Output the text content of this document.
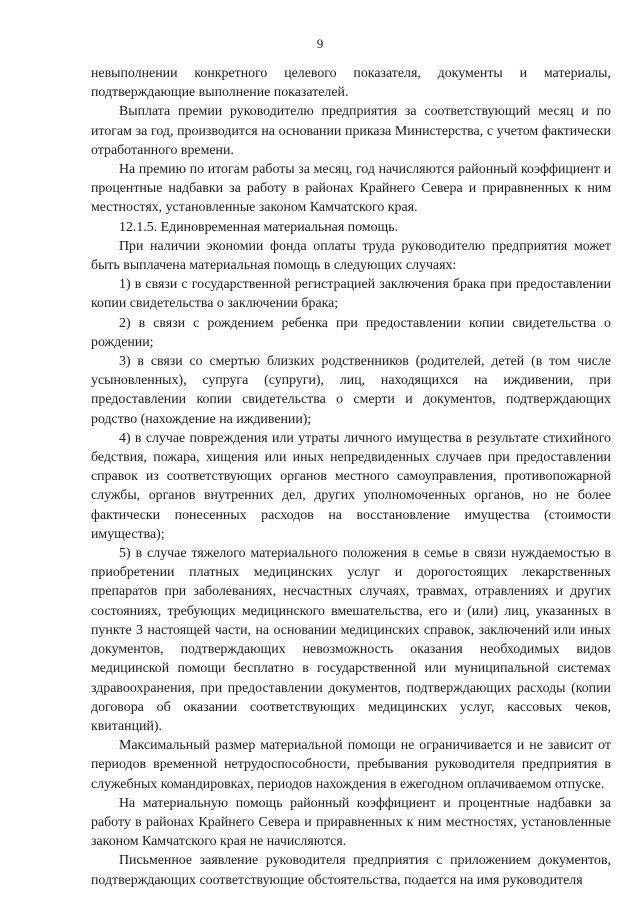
9

невыполнении конкретного целевого показателя, документы и материалы, подтверждающие выполнение показателей.

Выплата премии руководителю предприятия за соответствующий месяц и по итогам за год, производится на основании приказа Министерства, с учетом фактически отработанного времени.

На премию по итогам работы за месяц, год начисляются районный коэффициент и процентные надбавки за работу в районах Крайнего Севера и приравненных к ним местностях, установленные законом Камчатского края.

12.1.5. Единовременная материальная помощь.

При наличии экономии фонда оплаты труда руководителю предприятия может быть выплачена материальная помощь в следующих случаях:

1) в связи с государственной регистрацией заключения брака при предоставлении копии свидетельства о заключении брака;

2) в связи с рождением ребенка при предоставлении копии свидетельства о рождении;

3) в связи со смертью близких родственников (родителей, детей (в том числе усыновленных), супруга (супруги), лиц, находящихся на иждивении, при предоставлении копии свидетельства о смерти и документов, подтверждающих родство (нахождение на иждивении);

4) в случае повреждения или утраты личного имущества в результате стихийного бедствия, пожара, хищения или иных непредвиденных случаев при предоставлении справок из соответствующих органов местного самоуправления, противопожарной службы, органов внутренних дел, других уполномоченных органов, но не более фактически понесенных расходов на восстановление имущества (стоимости имущества);

5) в случае тяжелого материального положения в семье в связи нуждаемостью в приобретении платных медицинских услуг и дорогостоящих лекарственных препаратов при заболеваниях, несчастных случаях, травмах, отравлениях и других состояниях, требующих медицинского вмешательства, его и (или) лиц, указанных в пункте 3 настоящей части, на основании медицинских справок, заключений или иных документов, подтверждающих невозможность оказания необходимых видов медицинской помощи бесплатно в государственной или муниципальной системах здравоохранения, при предоставлении документов, подтверждающих расходы (копии договора об оказании соответствующих медицинских услуг, кассовых чеков, квитанций).

Максимальный размер материальной помощи не ограничивается и не зависит от периодов временной нетрудоспособности, пребывания руководителя предприятия в служебных командировках, периодов нахождения в ежегодном оплачиваемом отпуске.

На материальную помощь районный коэффициент и процентные надбавки за работу в районах Крайнего Севера и приравненных к ним местностях, установленные законом Камчатского края не начисляются.

Письменное заявление руководителя предприятия с приложением документов, подтверждающих соответствующие обстоятельства, подается на имя руководителя
